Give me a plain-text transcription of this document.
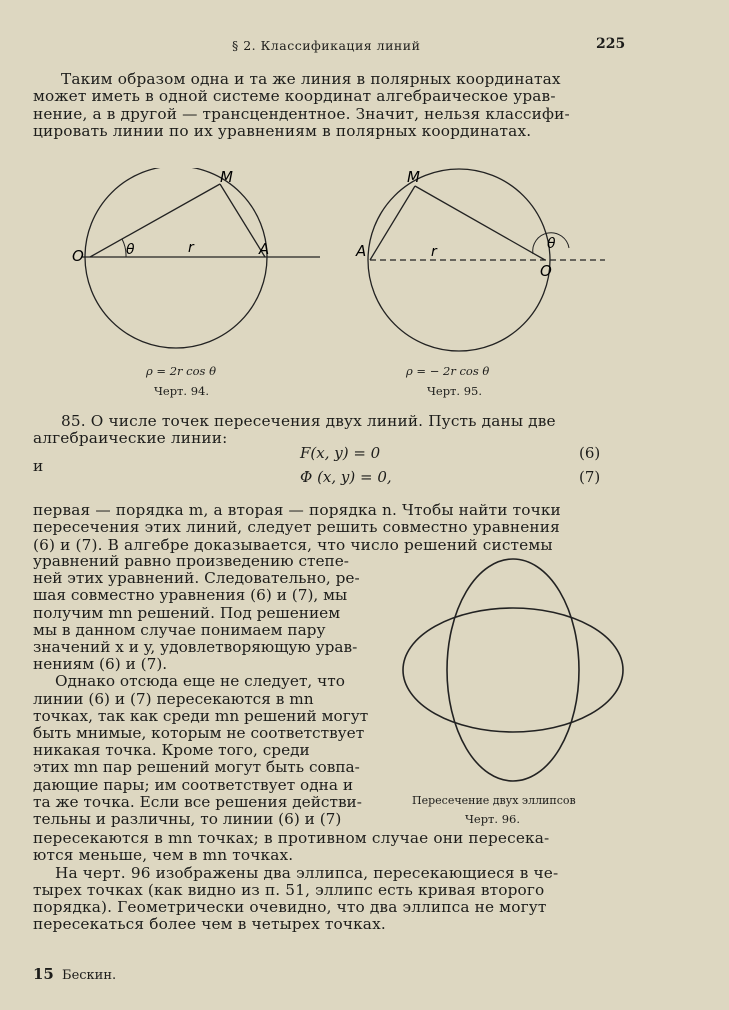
§ 2. Классификация линий	225
Таким образом одна и та же линия в полярных координатах
может иметь в одной системе координат алгебраическое урав-
нение, а в другой — трансцендентное. Значит, нельзя классифи-
цировать линии по их уравнениям в полярных координатах.
M
O	A
θ	r
ρ = 2r cos θ
Черт. 94.
M
A
O
θ
r
ρ = − 2r cos θ
Черт. 95.
85. О числе точек пересечения двух линий. Пусть даны две
алгебраические линии:
F(x, y) = 0	(6)
и
Φ (x, y) = 0,	(7)
первая — порядка m, а вторая — порядка n. Чтобы найти точки
пересечения этих линий, следует решить совместно уравнения
(6) и (7). В алгебре доказывается, что число решений системы
уравнений равно произведению степе-
ней этих уравнений. Следовательно, ре-
шая совместно уравнения (6) и (7), мы
получим mn решений. Под решением
мы в данном случае понимаем пару
значений x и y, удовлетворяющую урав-
нениям (6) и (7).
Однако отсюда еще не следует, что
линии (6) и (7) пересекаются в mn
точках, так как среди mn решений могут
быть мнимые, которым не соответствует
никакая точка. Кроме того, среди
этих mn пар решений могут быть совпа-
дающие пары; им соответствует одна и
та же точка. Если все решения действи-
тельны и различны, то линии (6) и (7)
Пересечение двух эллипсов
Черт. 96.
пересекаются в mn точках; в противном случае они пересека-
ются меньше, чем в mn точках.
На черт. 96 изображены два эллипса, пересекающиеся в че-
тырех точках (как видно из п. 51, эллипс есть кривая второго
порядка). Геометрически очевидно, что два эллипса не могут
пересекаться более чем в четырех точках.
15 Бескин.
